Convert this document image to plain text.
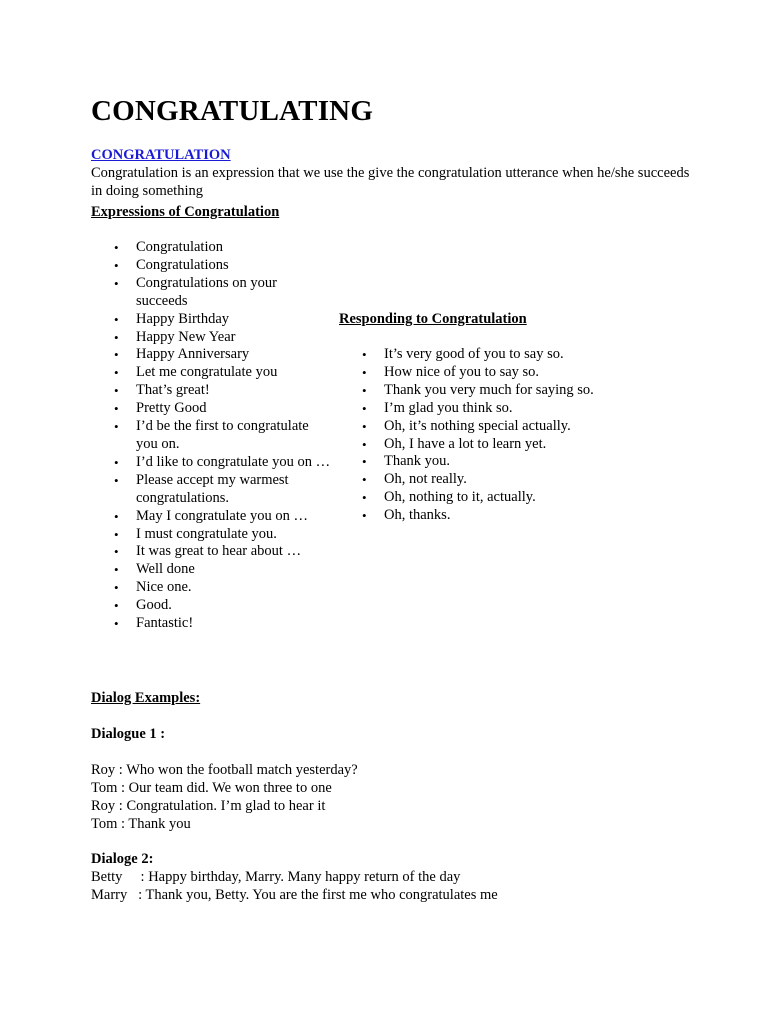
CONGRATULATING
CONGRATULATION
Congratulation is an expression that we use the give the congratulation utterance when he/she succeeds in doing something
Expressions of Congratulation
• Congratulation
• Congratulations
• Congratulations on your succeeds
• Happy Birthday
• Happy New Year
• Happy Anniversary
• Let me congratulate you
• That’s great!
• Pretty Good
• I’d be the first to congratulate you on.
• I’d like to congratulate you on …
• Please accept my warmest congratulations.
• May I congratulate you on …
• I must congratulate you.
• It was great to hear about …
• Well done
• Nice one.
• Good.
• Fantastic!
Responding to Congratulation
• It’s very good of you to say so.
• How nice of you to say so.
• Thank you very much for saying so.
• I’m glad you think so.
• Oh, it’s nothing special actually.
• Oh, I have a lot to learn yet.
• Thank you.
• Oh, not really.
• Oh, nothing to it, actually.
• Oh, thanks.
Dialog Examples:
Dialogue 1 :
Roy : Who won the football match yesterday?
Tom : Our team did. We won three to one
Roy : Congratulation. I’m glad to hear it
Tom : Thank you
Dialoge 2:
Betty     : Happy birthday, Marry. Many happy return of the day
Marry   : Thank you, Betty. You are the first me who congratulates me
